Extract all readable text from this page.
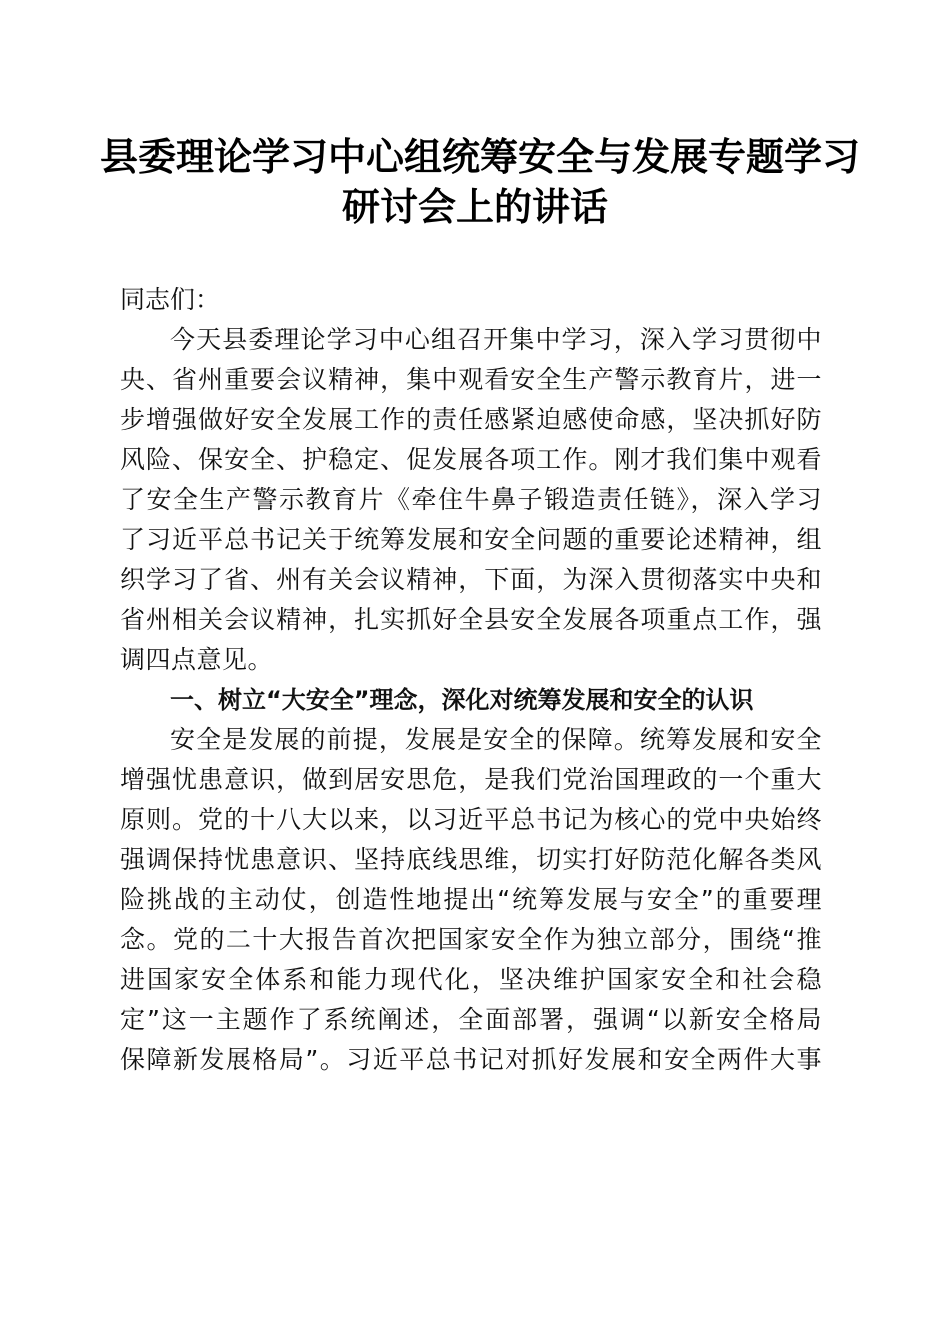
县委理论学习中心组统筹安全与发展专题学习
研讨会上的讲话
同志们：
今天县委理论学习中心组召开集中学习，深入学习贯彻中
央、省州重要会议精神，集中观看安全生产警示教育片，进一
步增强做好安全发展工作的责任感紧迫感使命感，坚决抓好防
风险、保安全、护稳定、促发展各项工作。刚才我们集中观看
了安全生产警示教育片《牵住牛鼻子锻造责任链》，深入学习
了习近平总书记关于统筹发展和安全问题的重要论述精神，组
织学习了省、州有关会议精神，下面，为深入贯彻落实中央和
省州相关会议精神，扎实抓好全县安全发展各项重点工作，强
调四点意见。
一、树立“大安全”理念，深化对统筹发展和安全的认识
安全是发展的前提，发展是安全的保障。统筹发展和安全
增强忧患意识，做到居安思危，是我们党治国理政的一个重大
原则。党的十八大以来，以习近平总书记为核心的党中央始终
强调保持忧患意识、坚持底线思维，切实打好防范化解各类风
险挑战的主动仗，创造性地提出“统筹发展与安全”的重要理
念。党的二十大报告首次把国家安全作为独立部分，围绕“推
进国家安全体系和能力现代化，坚决维护国家安全和社会稳
定”这一主题作了系统阐述，全面部署，强调“以新安全格局
保障新发展格局”。习近平总书记对抓好发展和安全两件大事
